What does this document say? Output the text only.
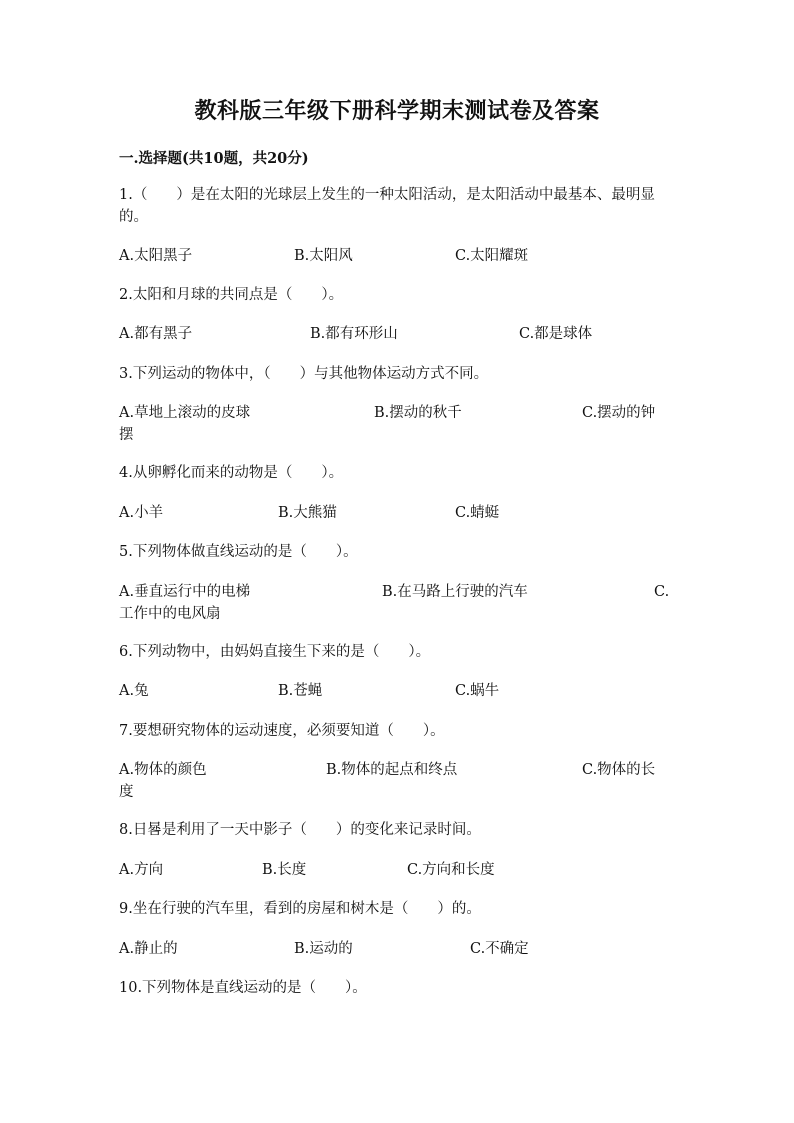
教科版三年级下册科学期末测试卷及答案
一.选择题(共10题，共20分)
1.（　　）是在太阳的光球层上发生的一种太阳活动，是太阳活动中最基本、最明显的。
A.太阳黑子	B.太阳风	C.太阳耀斑
2.太阳和月球的共同点是（　　）。
A.都有黑子	B.都有环形山	C.都是球体
3.下列运动的物体中，（　　）与其他物体运动方式不同。
A.草地上滚动的皮球	B.摆动的秋千	C.摆动的钟
摆
4.从卵孵化而来的动物是（　　）。
A.小羊	B.大熊猫	C.蜻蜓
5.下列物体做直线运动的是（　　）。
A.垂直运行中的电梯	B.在马路上行驶的汽车	C.
工作中的电风扇
6.下列动物中，由妈妈直接生下来的是（　　）。
A.兔	B.苍蝇	C.蜗牛
7.要想研究物体的运动速度，必须要知道（　　）。
A.物体的颜色	B.物体的起点和终点	C.物体的长
度
8.日晷是利用了一天中影子（　　）的变化来记录时间。
A.方向	B.长度	C.方向和长度
9.坐在行驶的汽车里，看到的房屋和树木是（　　）的。
A.静止的	B.运动的	C.不确定
10.下列物体是直线运动的是（　　）。
